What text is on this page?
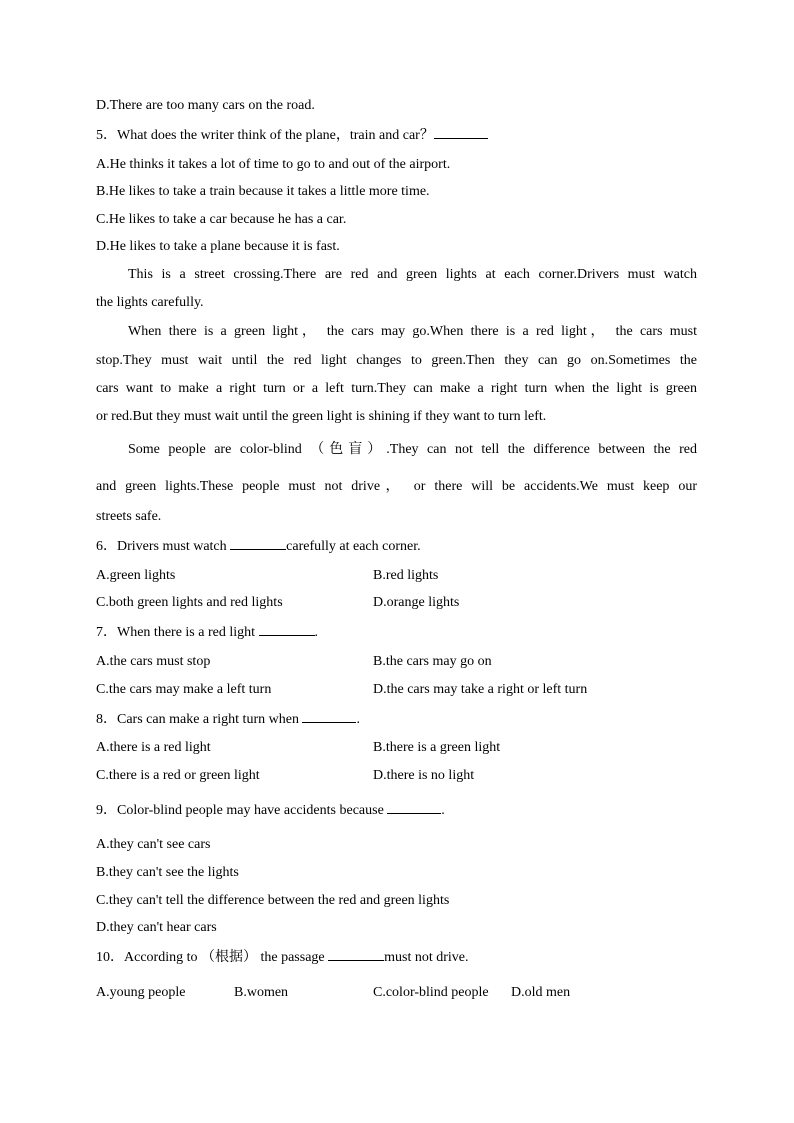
D.There are too many cars on the road.
5．What does the writer think of the plane，train and car？
A.He thinks it takes a lot of time to go to and out of the airport.
B.He likes to take a train because it takes a little more time.
C.He likes to take a car because he has a car.
D.He likes to take a plane because it is fast.
This is a street crossing.There are red and green lights at each corner.Drivers must watch
the lights carefully.
When there is a green light， the cars may go.When there is a red light， the cars must
stop.They must wait until the red light changes to green.Then they can go on.Sometimes the
cars want to make a right turn or a left turn.They can make a right turn when the light is green
or red.But they must wait until the green light is shining if they want to turn left.
Some people are color-blind （色盲）.They can not tell the difference between the red
and green lights.These people must not drive， or there will be accidents.We must keep our
streets safe.
6．Drivers must watch	carefully at each corner.
A.green lights	B.red lights
C.both green lights and red lights	D.orange lights
7．When there is a red light	.
A.the cars must stop	B.the cars may go on
C.the cars may make a left turn	D.the cars may take a right or left turn
8．Cars can make a right turn when	.
A.there is a red light	B.there is a green light
C.there is a red or green light	D.there is no light
9．Color-blind people may have accidents because	.
A.they can't see cars
B.they can't see the lights
C.they can't tell the difference between the red and green lights
D.they can't hear cars
10．According to （根据） the passage	must not drive.
A.young people	B.women	C.color-blind people D.old men
